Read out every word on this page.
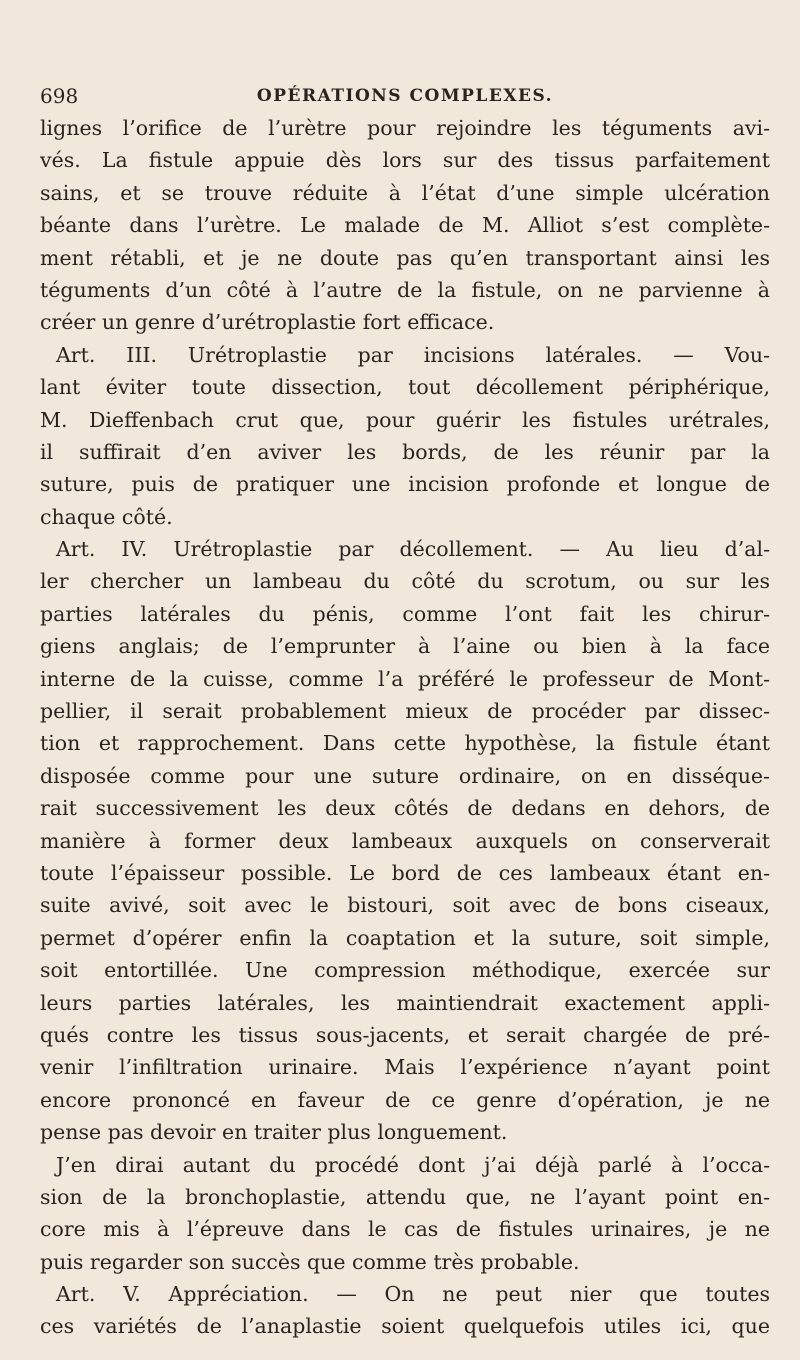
698	OPÉRATIONS COMPLEXES.
lignes l’orifice de l’urètre pour rejoindre les téguments avi-
vés. La fistule appuie dès lors sur des tissus parfaitement
sains, et se trouve réduite à l’état d’une simple ulcération
béante dans l’urètre. Le malade de M. Alliot s’est complète-
ment rétabli, et je ne doute pas qu’en transportant ainsi les
téguments d’un côté à l’autre de la fistule, on ne parvienne à
créer un genre d’urétroplastie fort efficace.
Art. III. Urétroplastie par incisions latérales. — Vou-
lant éviter toute dissection, tout décollement périphérique,
M. Dieffenbach crut que, pour guérir les fistules urétrales,
il suffirait d’en aviver les bords, de les réunir par la
suture, puis de pratiquer une incision profonde et longue de
chaque côté.
Art. IV. Urétroplastie par décollement. — Au lieu d’al-
ler chercher un lambeau du côté du scrotum, ou sur les
parties latérales du pénis, comme l’ont fait les chirur-
giens anglais; de l’emprunter à l’aine ou bien à la face
interne de la cuisse, comme l’a préféré le professeur de Mont-
pellier, il serait probablement mieux de procéder par dissec-
tion et rapprochement. Dans cette hypothèse, la fistule étant
disposée comme pour une suture ordinaire, on en disséque-
rait successivement les deux côtés de dedans en dehors, de
manière à former deux lambeaux auxquels on conserverait
toute l’épaisseur possible. Le bord de ces lambeaux étant en-
suite avivé, soit avec le bistouri, soit avec de bons ciseaux,
permet d’opérer enfin la coaptation et la suture, soit simple,
soit entortillée. Une compression méthodique, exercée sur
leurs parties latérales, les maintiendrait exactement appli-
qués contre les tissus sous-jacents, et serait chargée de pré-
venir l’infiltration urinaire. Mais l’expérience n’ayant point
encore prononcé en faveur de ce genre d’opération, je ne
pense pas devoir en traiter plus longuement.
J’en dirai autant du procédé dont j’ai déjà parlé à l’occa-
sion de la bronchoplastie, attendu que, ne l’ayant point en-
core mis à l’épreuve dans le cas de fistules urinaires, je ne
puis regarder son succès que comme très probable.
Art. V. Appréciation. — On ne peut nier que toutes
ces variétés de l’anaplastie soient quelquefois utiles ici, que
